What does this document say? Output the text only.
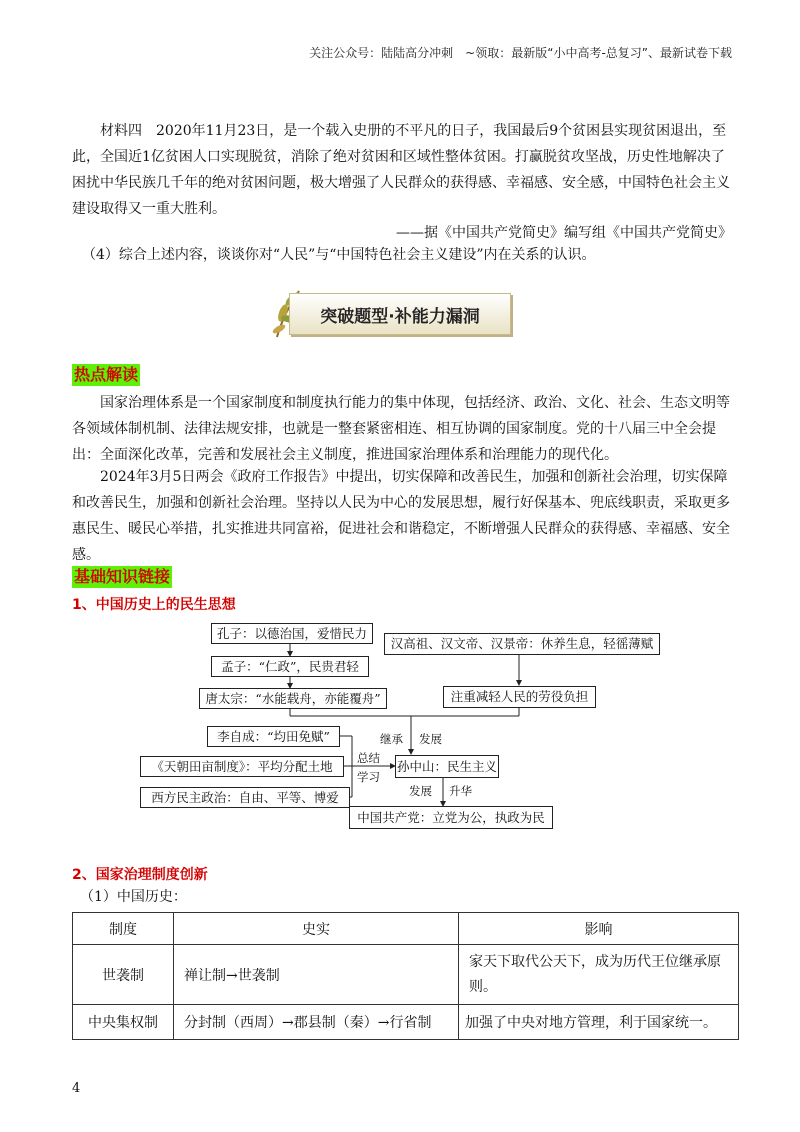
关注公众号：陆陆高分冲刺　~领取：最新版“小中高考-总复习”、最新试卷下载
材料四　2020年11月23日，是一个载入史册的不平凡的日子，我国最后9个贫困县实现贫困退出，至此，全国近1亿贫困人口实现脱贫，消除了绝对贫困和区域性整体贫困。打赢脱贫攻坚战，历史性地解决了困扰中华民族几千年的绝对贫困问题，极大增强了人民群众的获得感、幸福感、安全感，中国特色社会主义建设取得又一重大胜利。
——据《中国共产党简史》编写组《中国共产党简史》
（4）综合上述内容，谈谈你对“人民”与“中国特色社会主义建设”内在关系的认识。
突破题型·补能力漏洞
热点解读
国家治理体系是一个国家制度和制度执行能力的集中体现，包括经济、政治、文化、社会、生态文明等各领域体制机制、法律法规安排，也就是一整套紧密相连、相互协调的国家制度。党的十八届三中全会提出：全面深化改革，完善和发展社会主义制度，推进国家治理体系和治理能力的现代化。
2024年3月5日两会《政府工作报告》中提出，切实保障和改善民生，加强和创新社会治理，切实保障和改善民生，加强和创新社会治理。坚持以人民为中心的发展思想，履行好保基本、兜底线职责，采取更多惠民生、暖民心举措，扎实推进共同富裕，促进社会和谐稳定，不断增强人民群众的获得感、幸福感、安全感。
基础知识链接
1、中国历史上的民生思想
孔子：以德治国，爱惜民力
孟子：“仁政”，民贵君轻
唐太宗：“水能载舟，亦能覆舟”
汉高祖、汉文帝、汉景帝：休养生息，轻徭薄赋
注重减轻人民的劳役负担
李自成：“均田免赋”
《天朝田亩制度》：平均分配土地
西方民主政治：自由、平等、博爱
孙中山：民生主义
中国共产党：立党为公，执政为民
继承 发展
总结
学习
发展 升华
2、国家治理制度创新
（1）中国历史：
制度	史实	影响
世袭制	禅让制→世袭制	家天下取代公天下，成为历代王位继承原则。
中央集权制	分封制（西周）→郡县制（秦）→行省制	加强了中央对地方管理，利于国家统一。
4
